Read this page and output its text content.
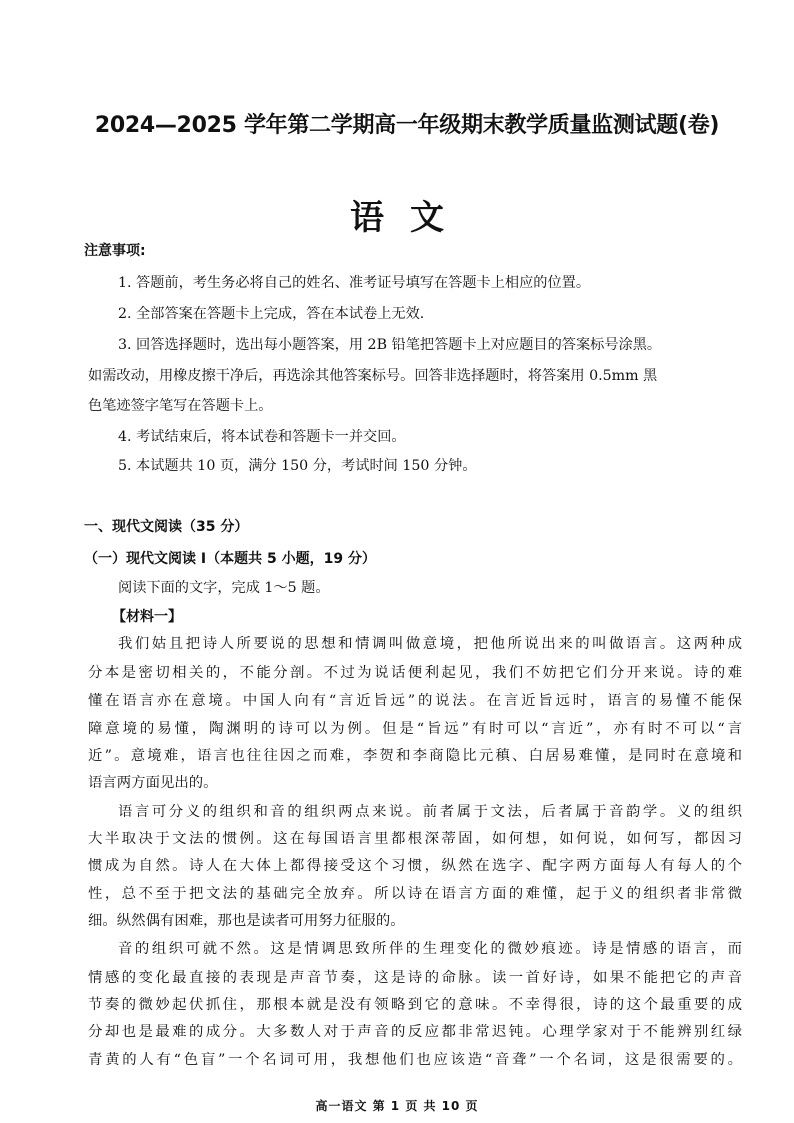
2024—2025 学年第二学期高一年级期末教学质量监测试题(卷)
语文
注意事项:
1. 答题前，考生务必将自己的姓名、准考证号填写在答题卡上相应的位置。
2. 全部答案在答题卡上完成，答在本试卷上无效.
3. 回答选择题时，选出每小题答案，用 2B 铅笔把答题卡上对应题目的答案标号涂黑。
如需改动，用橡皮擦干净后，再选涂其他答案标号。回答非选择题时，将答案用 0.5mm 黑
色笔迹签字笔写在答题卡上。
4. 考试结束后，将本试卷和答题卡一并交回。
5. 本试题共 10 页，满分 150 分，考试时间 150 分钟。
一、现代文阅读（35 分）
（一）现代文阅读 I（本题共 5 小题，19 分）
阅读下面的文字，完成 1～5 题。
【材料一】
我们姑且把诗人所要说的思想和情调叫做意境，把他所说出来的叫做语言。这两种成
分本是密切相关的，不能分剖。不过为说话便利起见，我们不妨把它们分开来说。诗的难
懂在语言亦在意境。中国人向有“言近旨远”的说法。在言近旨远时，语言的易懂不能保
障意境的易懂，陶渊明的诗可以为例。但是“旨远”有时可以“言近”，亦有时不可以“言
近”。意境难，语言也往往因之而难，李贺和李商隐比元稹、白居易难懂，是同时在意境和
语言两方面见出的。
语言可分义的组织和音的组织两点来说。前者属于文法，后者属于音韵学。义的组织
大半取决于文法的惯例。这在每国语言里都根深蒂固，如何想，如何说，如何写，都因习
惯成为自然。诗人在大体上都得接受这个习惯，纵然在选字、配字两方面每人有每人的个
性，总不至于把文法的基础完全放弃。所以诗在语言方面的难懂，起于义的组织者非常微
细。纵然偶有困难，那也是读者可用努力征服的。
音的组织可就不然。这是情调思致所伴的生理变化的微妙痕迹。诗是情感的语言，而
情感的变化最直接的表现是声音节奏，这是诗的命脉。读一首好诗，如果不能把它的声音
节奏的微妙起伏抓住，那根本就是没有领略到它的意味。不幸得很，诗的这个最重要的成
分却也是最难的成分。大多数人对于声音的反应都非常迟钝。心理学家对于不能辨别红绿
青黄的人有“色盲”一个名词可用，我想他们也应该造“音聋”一个名词，这是很需要的。
高一语文 第 1 页 共 10 页
